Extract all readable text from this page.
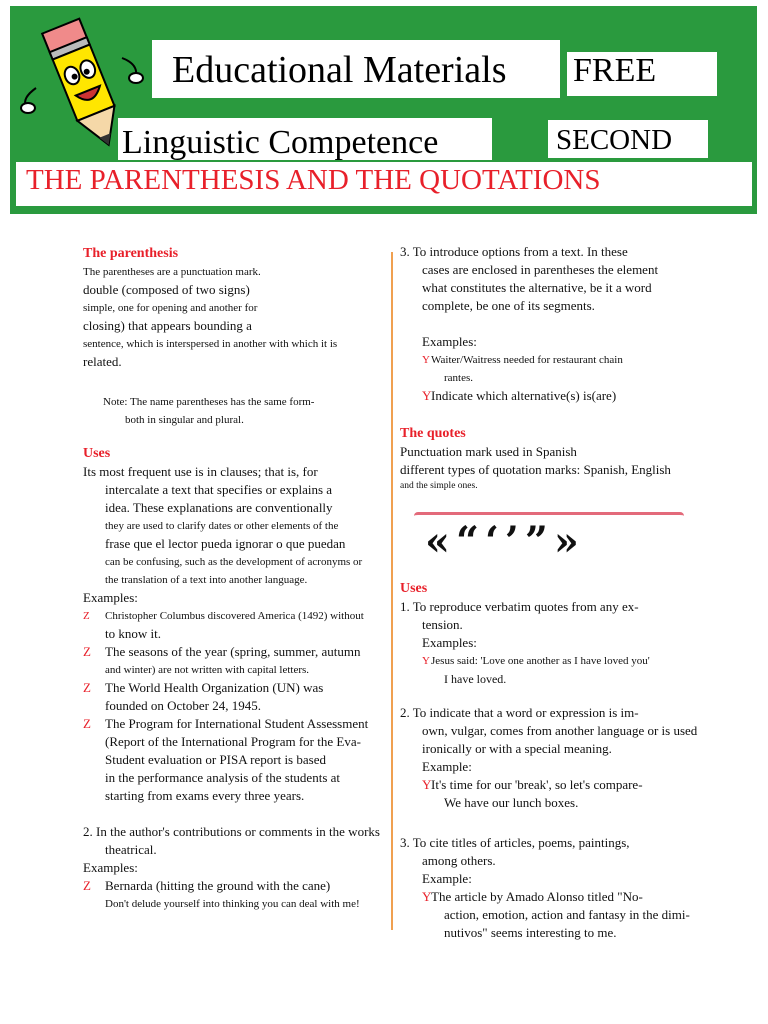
Educational Materials FREE
Linguistic Competence	SECOND
THE PARENTHESIS AND THE QUOTATIONS
The parenthesis
The parentheses are a punctuation mark.
double (composed of two signs)
simple, one for opening and another for
closing) that appears bounding a
sentence, which is interspersed in another with which it is
related.
Note: The name parentheses has the same form-
both in singular and plural.
Uses
Its most frequent use is in clauses; that is, for
intercalate a text that specifies or explains a
idea. These explanations are conventionally
they are used to clarify dates or other elements of the
frase que el lector pueda ignorar o que puedan
can be confusing, such as the development of acronyms or
the translation of a text into another language.
Examples:
Z Christopher Columbus discovered America (1492) without
to know it.
Z The seasons of the year (spring, summer, autumn
and winter) are not written with capital letters.
Z The World Health Organization (UN) was
founded on October 24, 1945.
Z The Program for International Student Assessment
(Report of the International Program for the Eva-
Student evaluation or PISA report is based
in the performance analysis of the students at
starting from exams every three years.
2. In the author's contributions or comments in the works
theatrical.
Examples:
Z Bernarda (hitting the ground with the cane)
Don't delude yourself into thinking you can deal with me!
3. To introduce options from a text. In these
cases are enclosed in parentheses the element
what constitutes the alternative, be it a word
complete, be one of its segments.
Examples:
YWaiter/Waitress needed for restaurant chain
rantes.
YIndicate which alternative(s) is(are)
The quotes
Punctuation mark used in Spanish
different types of quotation marks: Spanish, English
and the simple ones.
«“‘’”»
Uses
1. To reproduce verbatim quotes from any ex-
tension.
Examples:
YJesus said: 'Love one another as I have loved you'
I have loved.
2. To indicate that a word or expression is im-
own, vulgar, comes from another language or is used
ironically or with a special meaning.
Example:
YIt's time for our 'break', so let's compare-
We have our lunch boxes.
3. To cite titles of articles, poems, paintings,
among others.
Example:
YThe article by Amado Alonso titled "No-
action, emotion, action and fantasy in the dimi-
nutivos" seems interesting to me.
